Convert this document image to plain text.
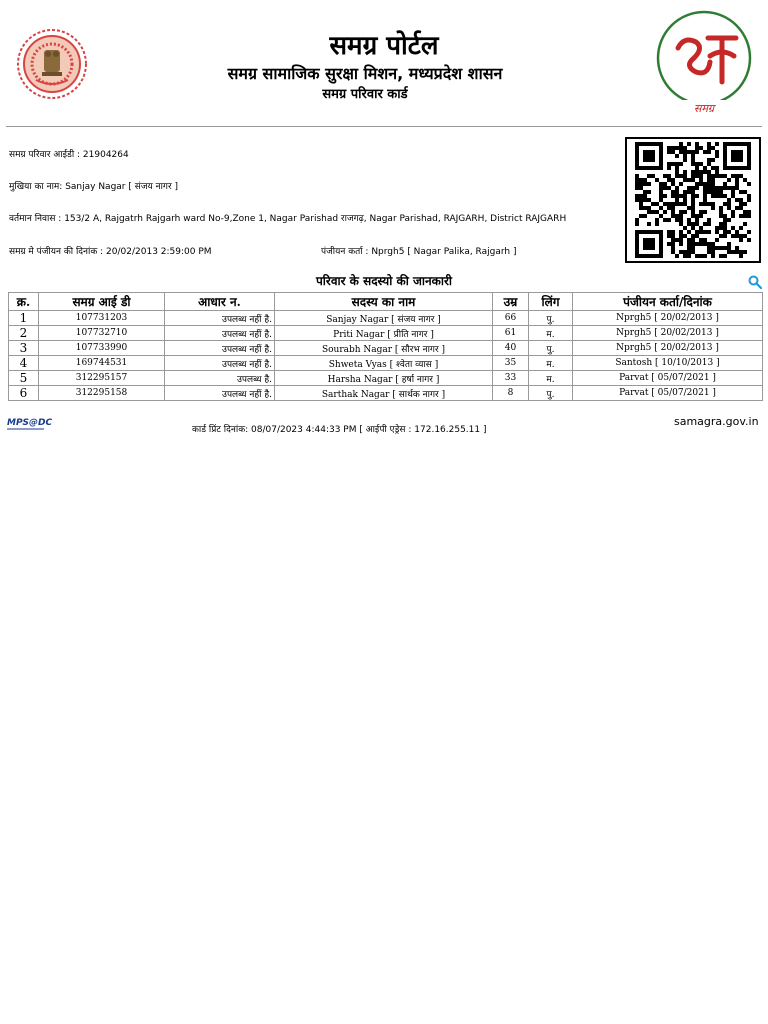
समग्र पोर्टल
समग्र सामाजिक सुरक्षा मिशन, मध्यप्रदेश शासन
समग्र परिवार कार्ड
समग्र
समग्र परिवार आईडी : 21904264
मुखिया का नाम: Sanjay Nagar [ संजय नागर ]
वर्तमान निवास : 153/2 A, Rajgatrh Rajgarh ward No-9,Zone 1, Nagar Parishad राजगढ़, Nagar Parishad, RAJGARH, District RAJGARH
समग्र मे पंजीयन की दिनांक : 20/02/2013 2:59:00 PM	पंजीयन कर्ता : Nprgh5 [ Nagar Palika, Rajgarh ]
परिवार के सदस्यो की जानकारी
क्र.	समग्र आई डी	आधार न.	सदस्य का नाम	उम्र	लिंग	पंजीयन कर्ता/दिनांक
1	107731203	उपलब्ध नहीं है.	Sanjay Nagar [ संजय नागर ]	66	पु.	Nprgh5 [ 20/02/2013 ]
2	107732710	उपलब्ध नहीं है.	Priti Nagar [ प्रीति नागर ]	61	म.	Nprgh5 [ 20/02/2013 ]
3	107733990	उपलब्ध नहीं है.	Sourabh Nagar [ सौरभ नागर ]	40	पु.	Nprgh5 [ 20/02/2013 ]
4	169744531	उपलब्ध नहीं है.	Shweta Vyas [ श्वेता व्यास ]	35	म.	Santosh [ 10/10/2013 ]
5	312295157	उपलब्ध है.	Harsha Nagar [ हर्षा नागर ]	33	म.	Parvat [ 05/07/2021 ]
6	312295158	उपलब्ध नहीं है.	Sarthak Nagar [ सार्थक नागर ]	8	पु.	Parvat [ 05/07/2021 ]
MPS@DC
कार्ड प्रिंट दिनांक: 08/07/2023 4:44:33 PM [ आईपी एड्रेस : 172.16.255.11 ]
samagra.gov.in
